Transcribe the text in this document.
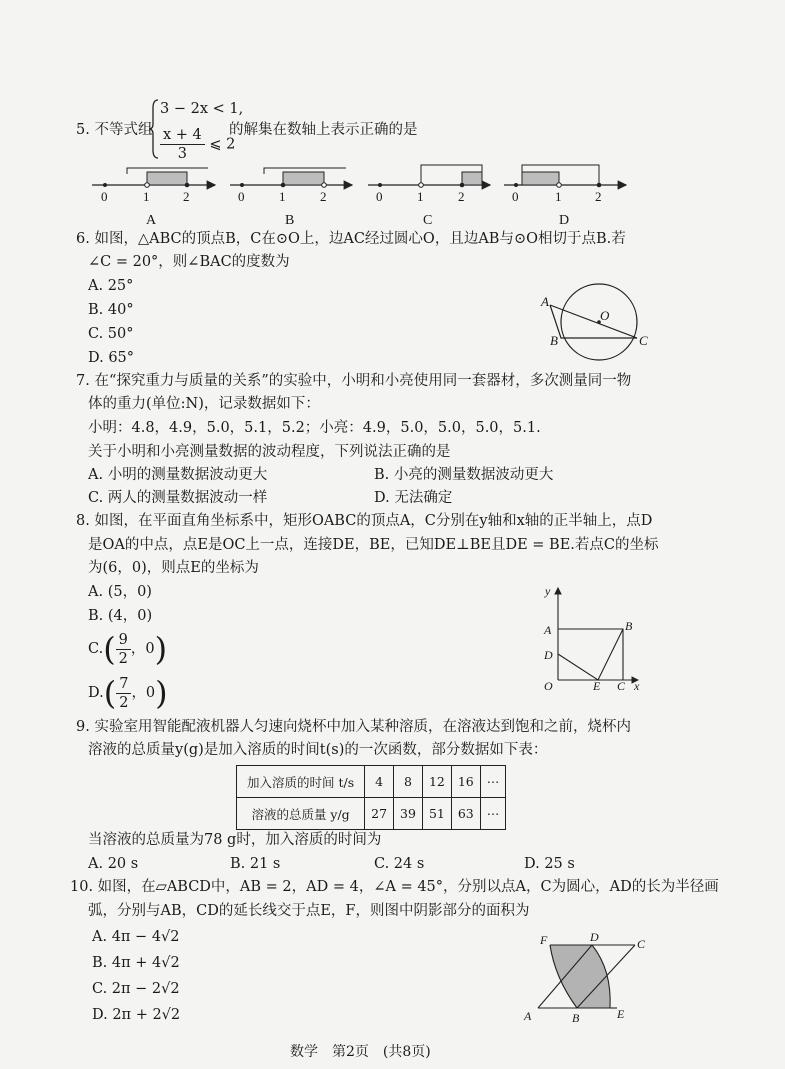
5. 不等式组
3 − 2x < 1,
$\frac{x + 4}{3}$ ⩽ 2
的解集在数轴上表示正确的是
0	1	2
A
0	1	2
B
0	1	2
C
0	1	2
D
6. 如图，△ABC的顶点B，C在⊙O上，边AC经过圆心O，且边AB与⊙O相切于点B.若
∠C = 20°，则∠BAC的度数为
A. 25°
B. 40°
C. 50°
D. 65°
A
B	C
O
7. 在“探究重力与质量的关系”的实验中，小明和小亮使用同一套器材，多次测量同一物
体的重力(单位:N)，记录数据如下：
小明：4.8，4.9，5.0，5.1，5.2；小亮：4.9，5.0，5.0，5.0，5.1.
关于小明和小亮测量数据的波动程度，下列说法正确的是
A. 小明的测量数据波动更大	B. 小亮的测量数据波动更大
C. 两人的测量数据波动一样	D. 无法确定
8. 如图，在平面直角坐标系中，矩形OABC的顶点A，C分别在y轴和x轴的正半轴上，点D
是OA的中点，点E是OC上一点，连接DE，BE，已知DE⊥BE且DE = BE.若点C的坐标
为(6，0)，则点E的坐标为
A. (5，0)
B. (4，0)
$C.( \frac{9}{2}$ ，0)
$D.( \frac{7}{2}$ ，0)
y
x
O
A	B
C
D
E
9. 实验室用智能配液机器人匀速向烧杯中加入某种溶质，在溶液达到饱和之前，烧杯内
溶液的总质量y(g)是加入溶质的时间t(s)的一次函数，部分数据如下表：
加入溶质的时间 t/s	4	8	12	16	⋯
溶液的总质量 y/g	27	39	51	63	⋯
当溶液的总质量为78 g时，加入溶质的时间为
A. 20 s	B. 21 s	C. 24 s	D. 25 s
10. 如图，在▱ABCD中，AB = 2，AD = 4，∠A = 45°，分别以点A，C为圆心，AD的长为半径画
弧，分别与AB，CD的延长线交于点E，F，则图中阴影部分的面积为
A. 4π − 4√2
B. 4π + 4√2
C. 2π − 2√2
D. 2π + 2√2	A	B
C
D
E
F
数学　第2页　(共8页)
